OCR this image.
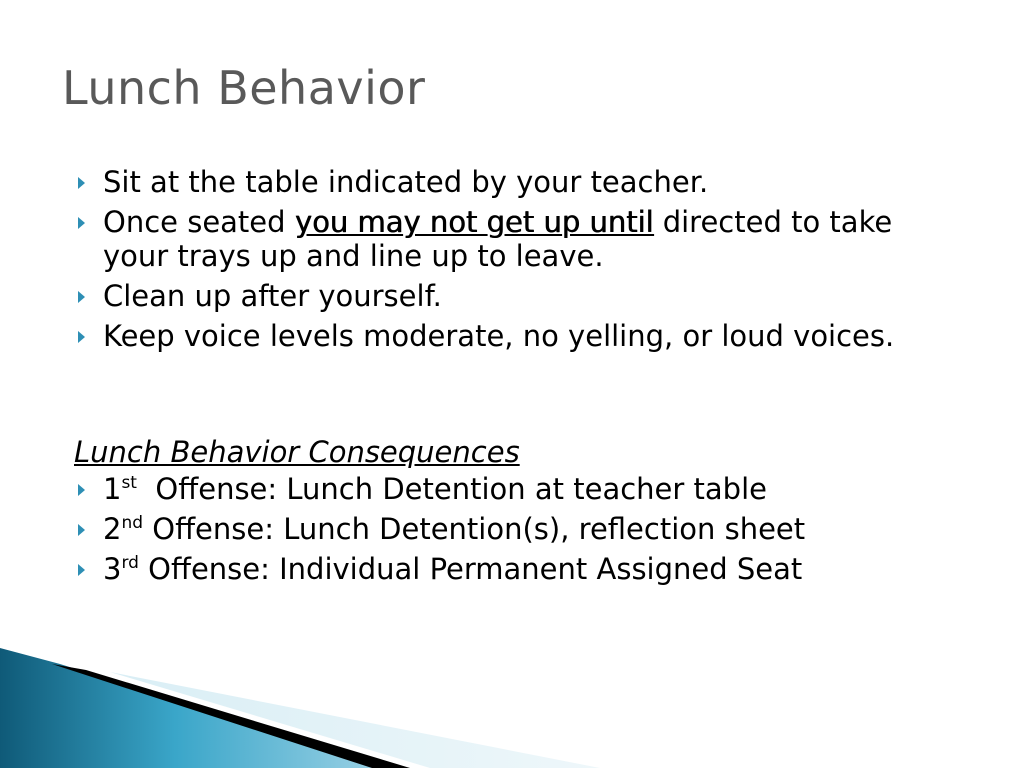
Lunch Behavior
Sit at the table indicated by your teacher.
Once seated you may not get up until directed to take your trays up and line up to leave.
Clean up after yourself.
Keep voice levels moderate, no yelling, or loud voices.
Lunch Behavior Consequences
1st  Offense: Lunch Detention at teacher table
2nd Offense: Lunch Detention(s), reflection sheet
3rd Offense: Individual Permanent Assigned Seat
